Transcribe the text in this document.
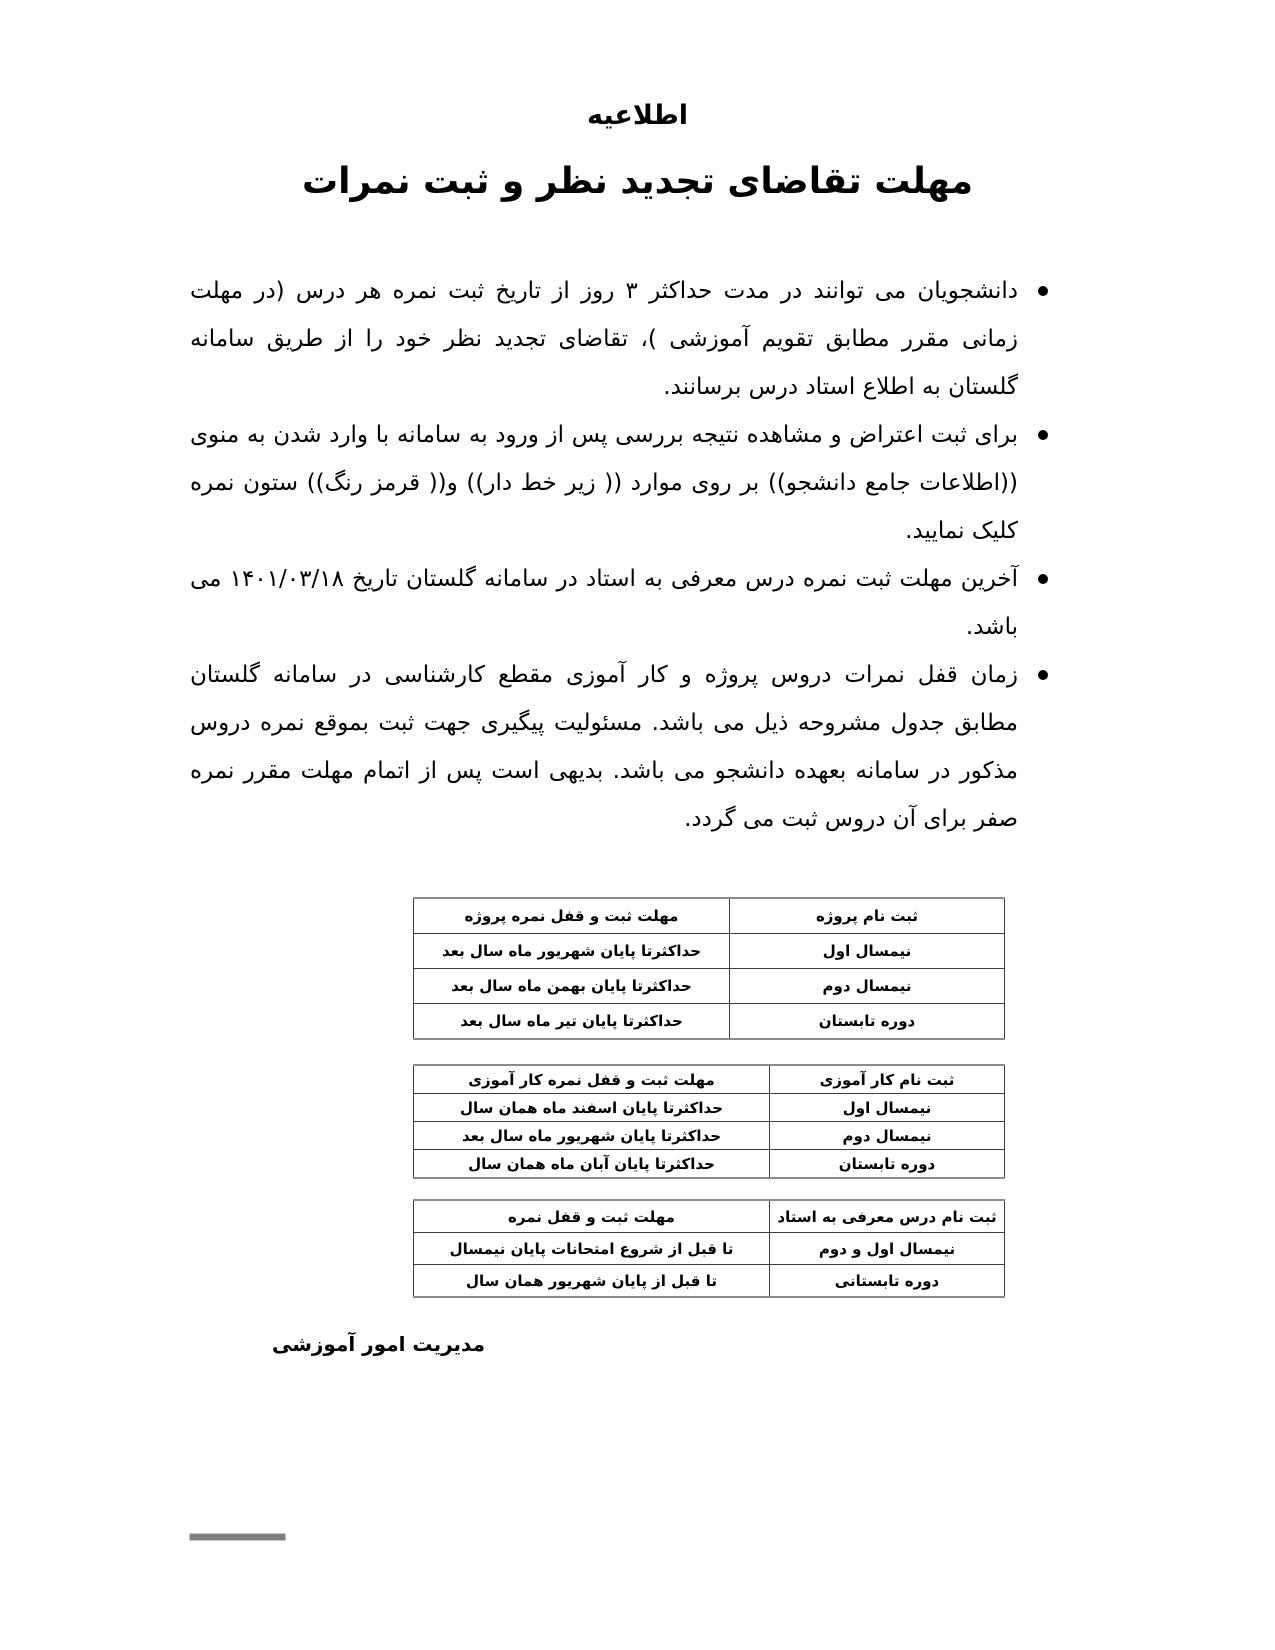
اطلاعیه
مهلت تقاضای تجدید نظر و ثبت نمرات
دانشجویان می توانند در مدت حداکثر ۳ روز از تاریخ ثبت نمره هر درس (در مهلت زمانی مقرر مطابق تقویم آموزشی )، تقاضای تجدید نظر خود را از طریق سامانه گلستان به اطلاع استاد درس برسانند.
برای ثبت اعتراض و مشاهده نتیجه بررسی پس از ورود به سامانه با وارد شدن به منوی ((اطلاعات جامع دانشجو)) بر روی موارد (( زیر خط دار)) و(( قرمز رنگ)) ستون نمره کلیک نمایید.
آخرین مهلت ثبت نمره درس معرفی به استاد در سامانه گلستان تاریخ ۱۴۰۱/۰۳/۱۸ می باشد.
زمان قفل نمرات دروس پروژه و کار آموزی مقطع کارشناسی در سامانه گلستان مطابق جدول مشروحه ذیل می باشد. مسئولیت پیگیری جهت ثبت بموقع نمره دروس مذکور در سامانه بعهده دانشجو می باشد. بدیهی است پس از اتمام مهلت مقرر نمره صفر برای آن دروس ثبت می گردد.
ثبت نام پروژه	مهلت ثبت و قفل نمره پروژه
نیمسال اول	حداکثرتا پایان شهریور ماه سال بعد
نیمسال دوم	حداکثرتا پایان بهمن ماه سال بعد
دوره تابستان	حداکثرتا پایان تیر ماه سال بعد
ثبت نام کار آموزی	مهلت ثبت و قفل نمره کار آموزی
نیمسال اول	حداکثرتا پایان اسفند ماه همان سال
نیمسال دوم	حداکثرتا پایان شهریور ماه سال بعد
دوره تابستان	حداکثرتا پایان آبان ماه همان سال
ثبت نام درس معرفی به استاد	مهلت ثبت و قفل نمره
نیمسال اول و دوم	تا قبل از شروع امتحانات پایان نیمسال
دوره تابستانی	تا قبل از پایان شهریور همان سال
مدیریت امور آموزشی
